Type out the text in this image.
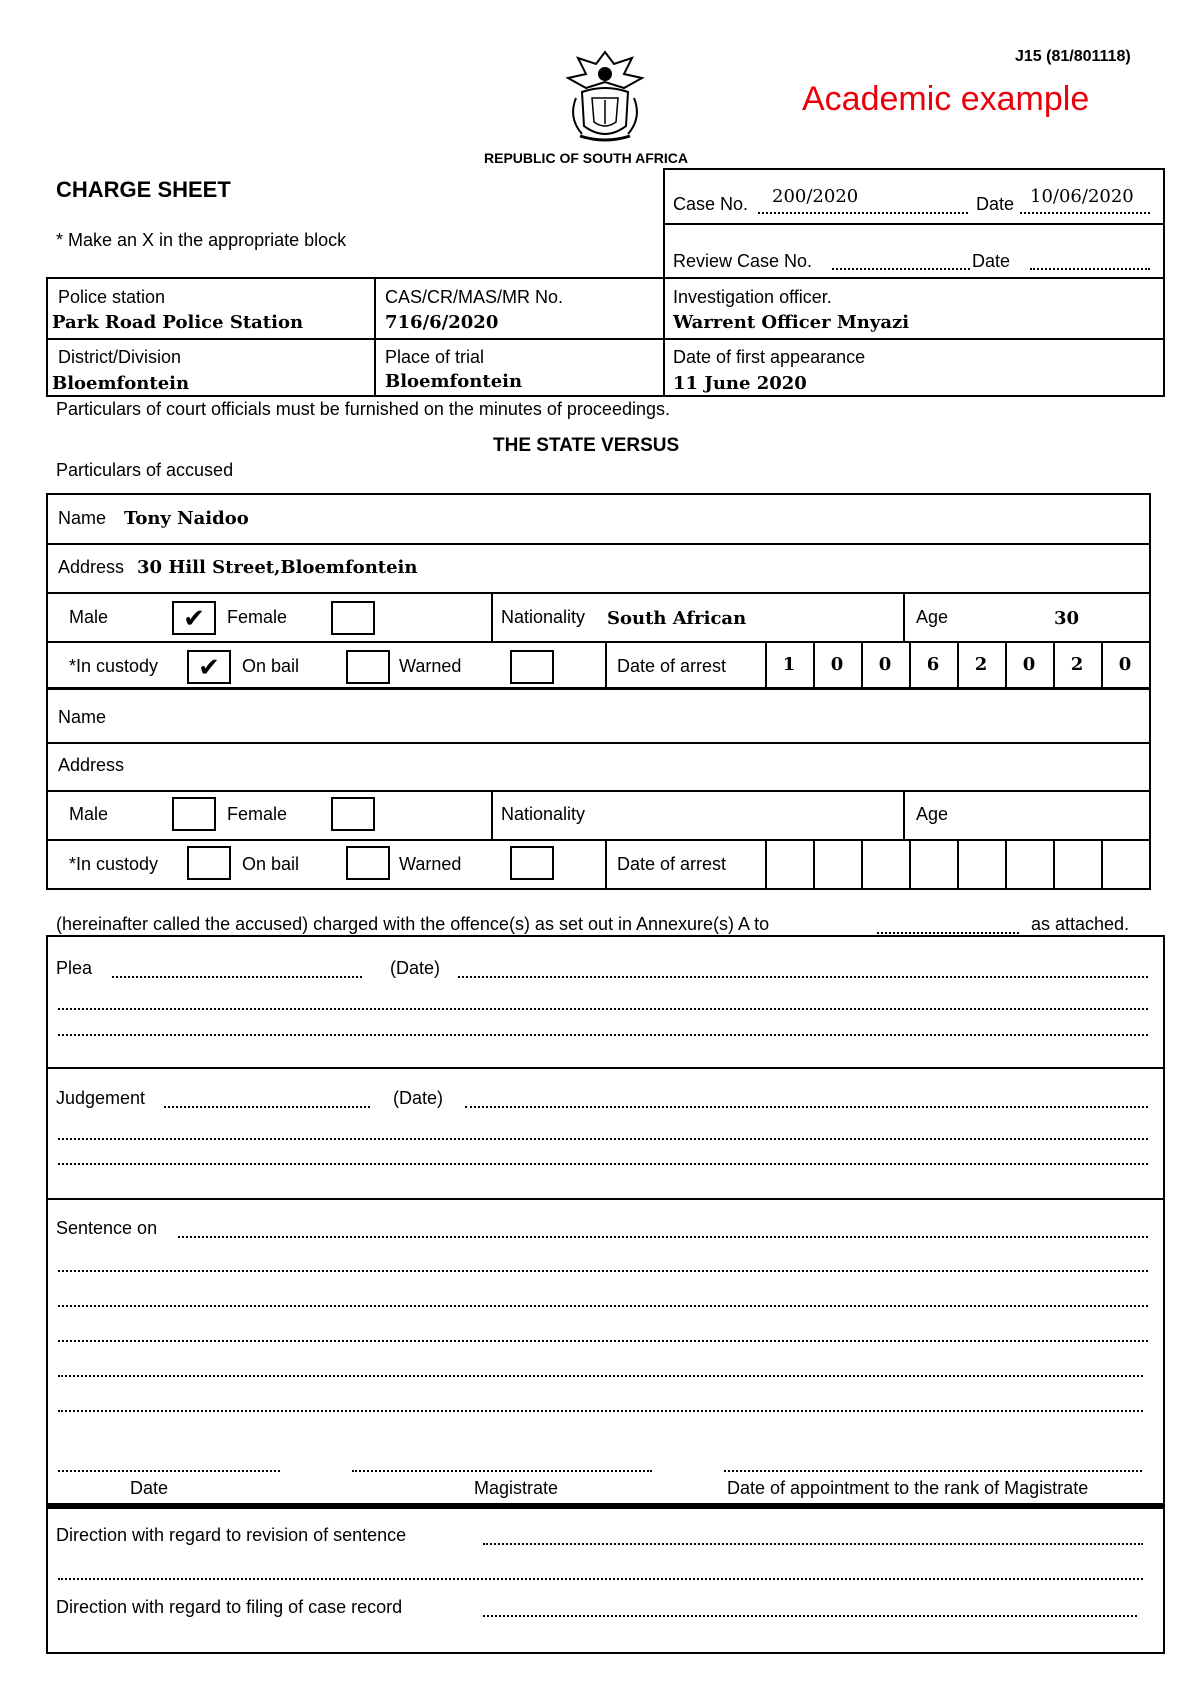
J15 (81/801118)
Academic example
REPUBLIC OF SOUTH AFRICA
CHARGE SHEET
* Make an X in the appropriate block
Case No. 200/2020	Date 10/06/2020
Review Case No.	Date
Police station
Park Road Police Station
CAS/CR/MAS/MR No.
716/6/2020
Investigation officer.
Warrent Officer Mnyazi
District/Division
Bloemfontein
Place of trial
Bloemfontein
Date of first appearance
11 June 2020
Particulars of court officials must be furnished on the minutes of proceedings.
THE STATE VERSUS
Particulars of accused
Name Tony Naidoo
Address 30 Hill Street,Bloemfontein
Male	✔	Female	Nationality South African	Age	30
*In custody	✔	On bail	Warned	Date of arrest	1	0	0	6	2	0	2	0
Name
Address
Male	Female	Nationality	Age
*In custody	On bail	Warned	Date of arrest
(hereinafter called the accused) charged with the offence(s) as set out in Annexure(s) A to	as attached.
Plea	(Date)
Judgement	(Date)
Sentence on
Date	Magistrate	Date of appointment to the rank of Magistrate
Direction with regard to revision of sentence
Direction with regard to filing of case record
